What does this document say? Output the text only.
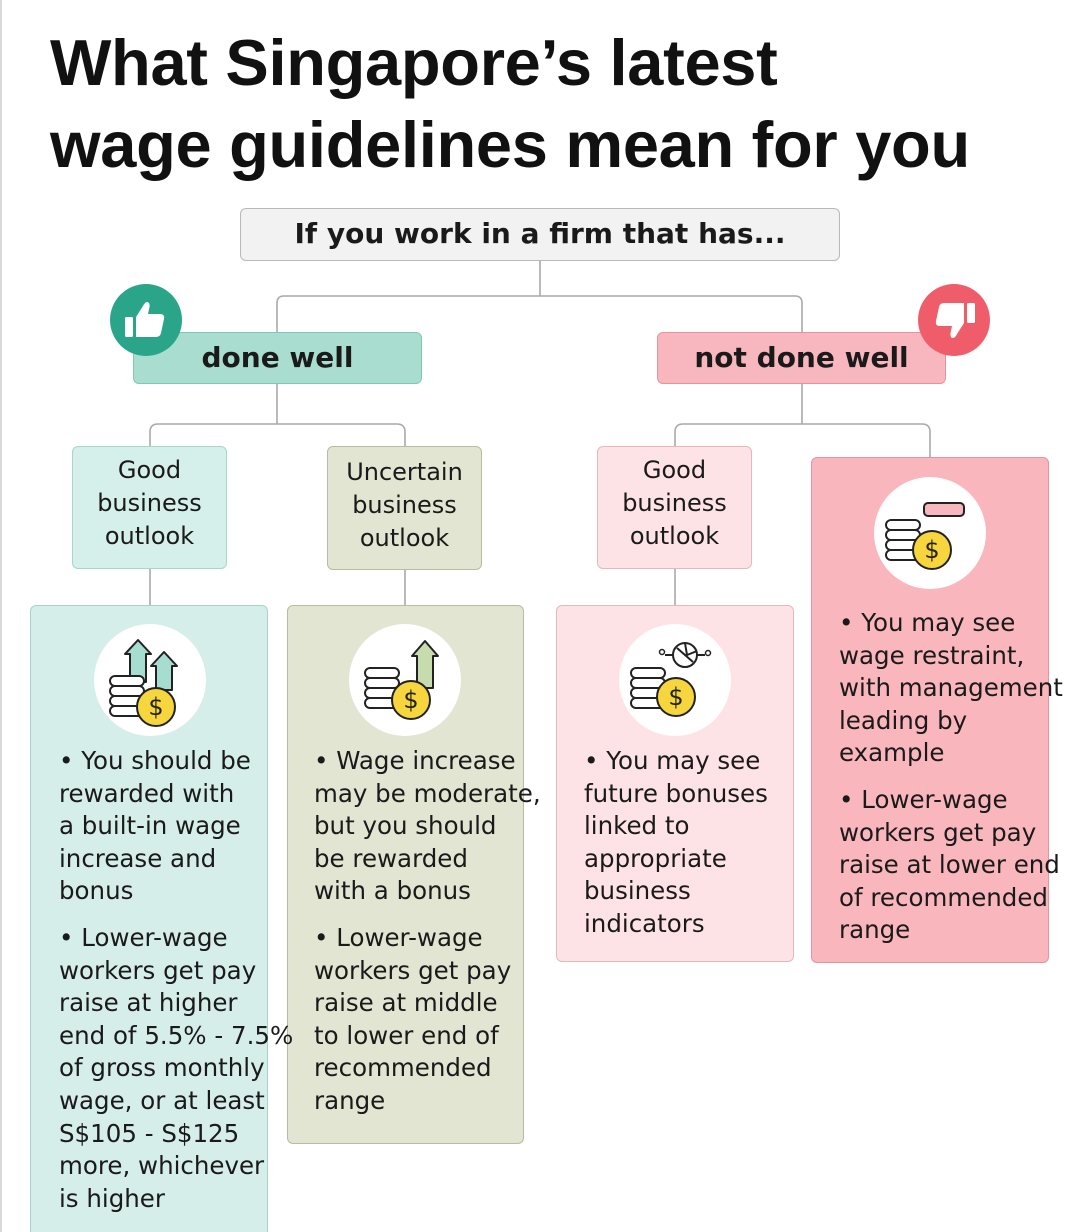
What Singapore’s latest
wage guidelines mean for you
If you work in a firm that has...
done well	not done well
Good
business
outlook
Uncertain
business
outlook
Good
business
outlook
$	$	$
$

• You should be
rewarded with
a built-in wage
increase and
bonus

• Lower-wage
workers get pay
raise at higher
end of 5.5% - 7.5%
of gross monthly
wage, or at least
S$105 - S$125
more, whichever
is higher

• Wage increase
may be moderate,
but you should
be rewarded
with a bonus

• Lower-wage
workers get pay
raise at middle
to lower end of
recommended
range

• You may see
future bonuses
linked to
appropriate
business
indicators

• You may see
wage restraint,
with management
leading by
example

• Lower-wage
workers get pay
raise at lower end
of recommended
range
